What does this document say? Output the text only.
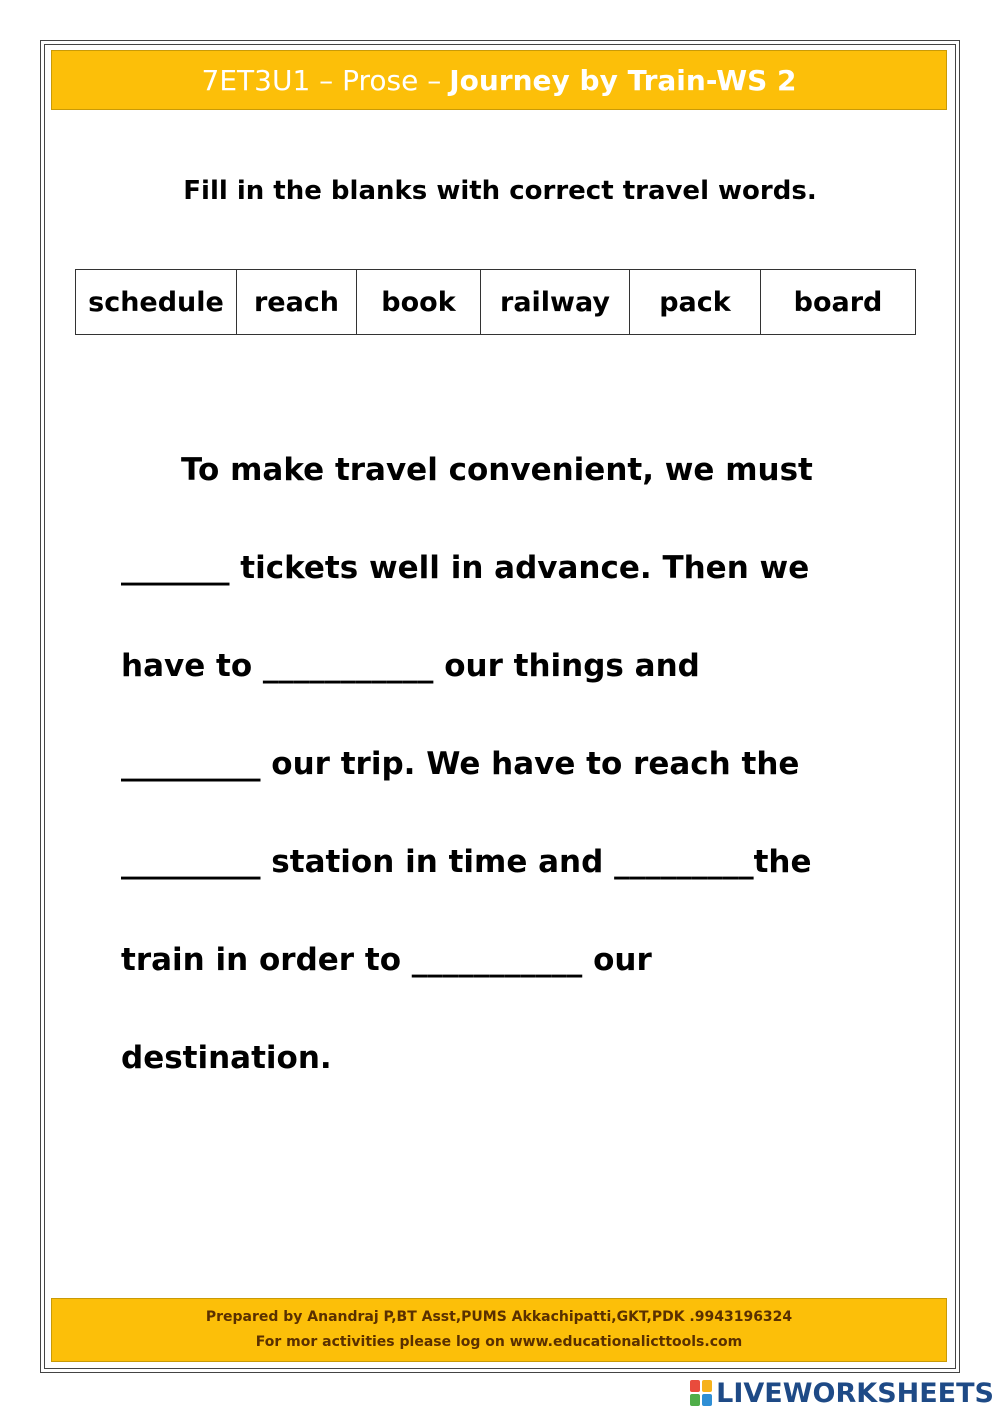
7ET3U1 – Prose – Journey by Train-WS 2
Fill in the blanks with correct travel words.
schedule	reach	book	railway	pack	board
To make travel convenient, we must
_______ tickets well in advance. Then we
have to ___________ our things and
_________ our trip. We have to reach the
_________ station in time and _________the
train in order to ___________ our
destination.
Prepared by Anandraj P,BT Asst,PUMS Akkachipatti,GKT,PDK .9943196324
For mor activities please log on www.educationalicttools.com
LIVEWORKSHEETS
